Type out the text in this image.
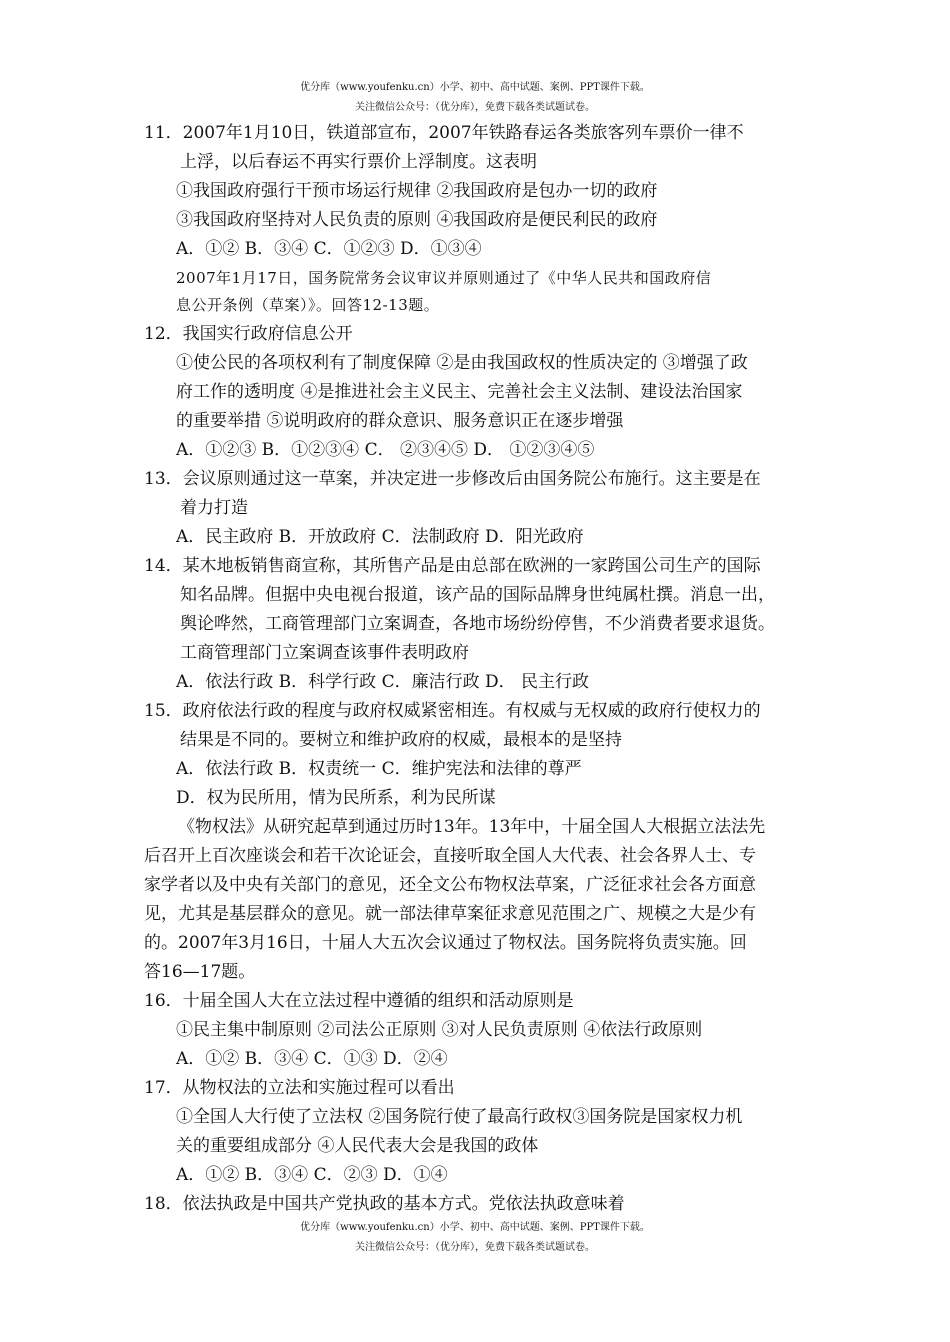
优分库（www.youfenku.cn）小学、初中、高中试题、案例、PPT课件下载。
关注微信公众号：（优分库），免费下载各类试题试卷。
11．2007年1月10日，铁道部宣布，2007年铁路春运各类旅客列车票价一律不
上浮，以后春运不再实行票价上浮制度。这表明
①我国政府强行干预市场运行规律 ②我国政府是包办一切的政府
③我国政府坚持对人民负责的原则 ④我国政府是便民利民的政府
A．①② B．③④ C．①②③ D．①③④
2007年1月17日，国务院常务会议审议并原则通过了《中华人民共和国政府信
息公开条例（草案）》。回答12-13题。
12．我国实行政府信息公开
①使公民的各项权利有了制度保障 ②是由我国政权的性质决定的 ③增强了政
府工作的透明度 ④是推进社会主义民主、完善社会主义法制、建设法治国家
的重要举措 ⑤说明政府的群众意识、服务意识正在逐步增强
A．①②③ B．①②③④ C． ②③④⑤ D． ①②③④⑤
13．会议原则通过这一草案，并决定进一步修改后由国务院公布施行。这主要是在
着力打造
A．民主政府 B．开放政府 C．法制政府 D．阳光政府
14．某木地板销售商宣称，其所售产品是由总部在欧洲的一家跨国公司生产的国际
知名品牌。但据中央电视台报道，该产品的国际品牌身世纯属杜撰。消息一出，
舆论哗然，工商管理部门立案调查，各地市场纷纷停售，不少消费者要求退货。
工商管理部门立案调查该事件表明政府
A．依法行政 B．科学行政 C．廉洁行政 D． 民主行政
15．政府依法行政的程度与政府权威紧密相连。有权威与无权威的政府行使权力的
结果是不同的。要树立和维护政府的权威，最根本的是坚持
A．依法行政 B．权责统一 C．维护宪法和法律的尊严
D．权为民所用，情为民所系，利为民所谋
《物权法》从研究起草到通过历时13年。13年中，十届全国人大根据立法法先
后召开上百次座谈会和若干次论证会，直接听取全国人大代表、社会各界人士、专
家学者以及中央有关部门的意见，还全文公布物权法草案，广泛征求社会各方面意
见，尤其是基层群众的意见。就一部法律草案征求意见范围之广、规模之大是少有
的。2007年3月16日，十届人大五次会议通过了物权法。国务院将负责实施。回
答16—17题。
16．十届全国人大在立法过程中遵循的组织和活动原则是
①民主集中制原则 ②司法公正原则 ③对人民负责原则 ④依法行政原则
A．①② B．③④ C．①③ D．②④
17．从物权法的立法和实施过程可以看出
①全国人大行使了立法权 ②国务院行使了最高行政权③国务院是国家权力机
关的重要组成部分 ④人民代表大会是我国的政体
A．①② B．③④ C．②③ D．①④
18．依法执政是中国共产党执政的基本方式。党依法执政意味着
优分库（www.youfenku.cn）小学、初中、高中试题、案例、PPT课件下载。
关注微信公众号：（优分库），免费下载各类试题试卷。
